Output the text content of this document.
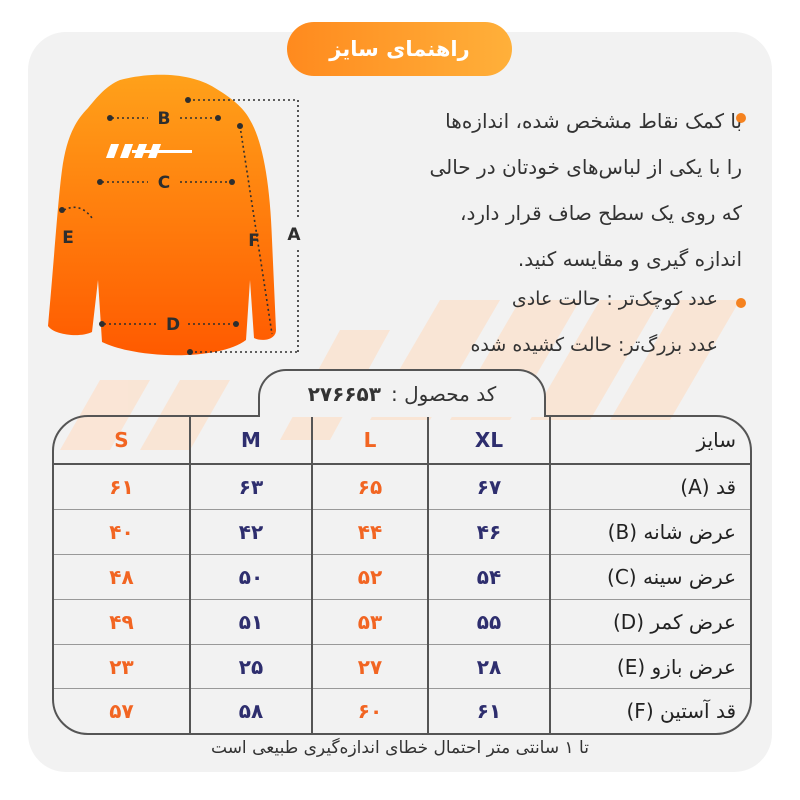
راهنمای سایز
B
C
D
E	F A
با کمک نقاط مشخص شده، اندازه‌ها
را با یکی از لباس‌های خودتان در حالی
که روی یک سطح صاف قرار دارد،
اندازه گیری و مقایسه کنید.
عدد کوچک‌تر : حالت عادی
عدد بزرگ‌تر: حالت کشیده شده
کد محصول :
۲۷۶۶۵۳
S	M	L	XL	سایز
۶۱	۶۳	۶۵	۶۷	قد (A)
۴۰	۴۲	۴۴	۴۶	عرض شانه (B)
۴۸	۵۰	۵۲	۵۴	عرض سینه (C)
۴۹	۵۱	۵۳	۵۵	عرض کمر (D)
۲۳	۲۵	۲۷	۲۸	عرض بازو (E)
۵۷	۵۸	۶۰	۶۱	قد آستین (F)
تا ۱ سانتی متر احتمال خطای اندازه‌گیری طبیعی است
